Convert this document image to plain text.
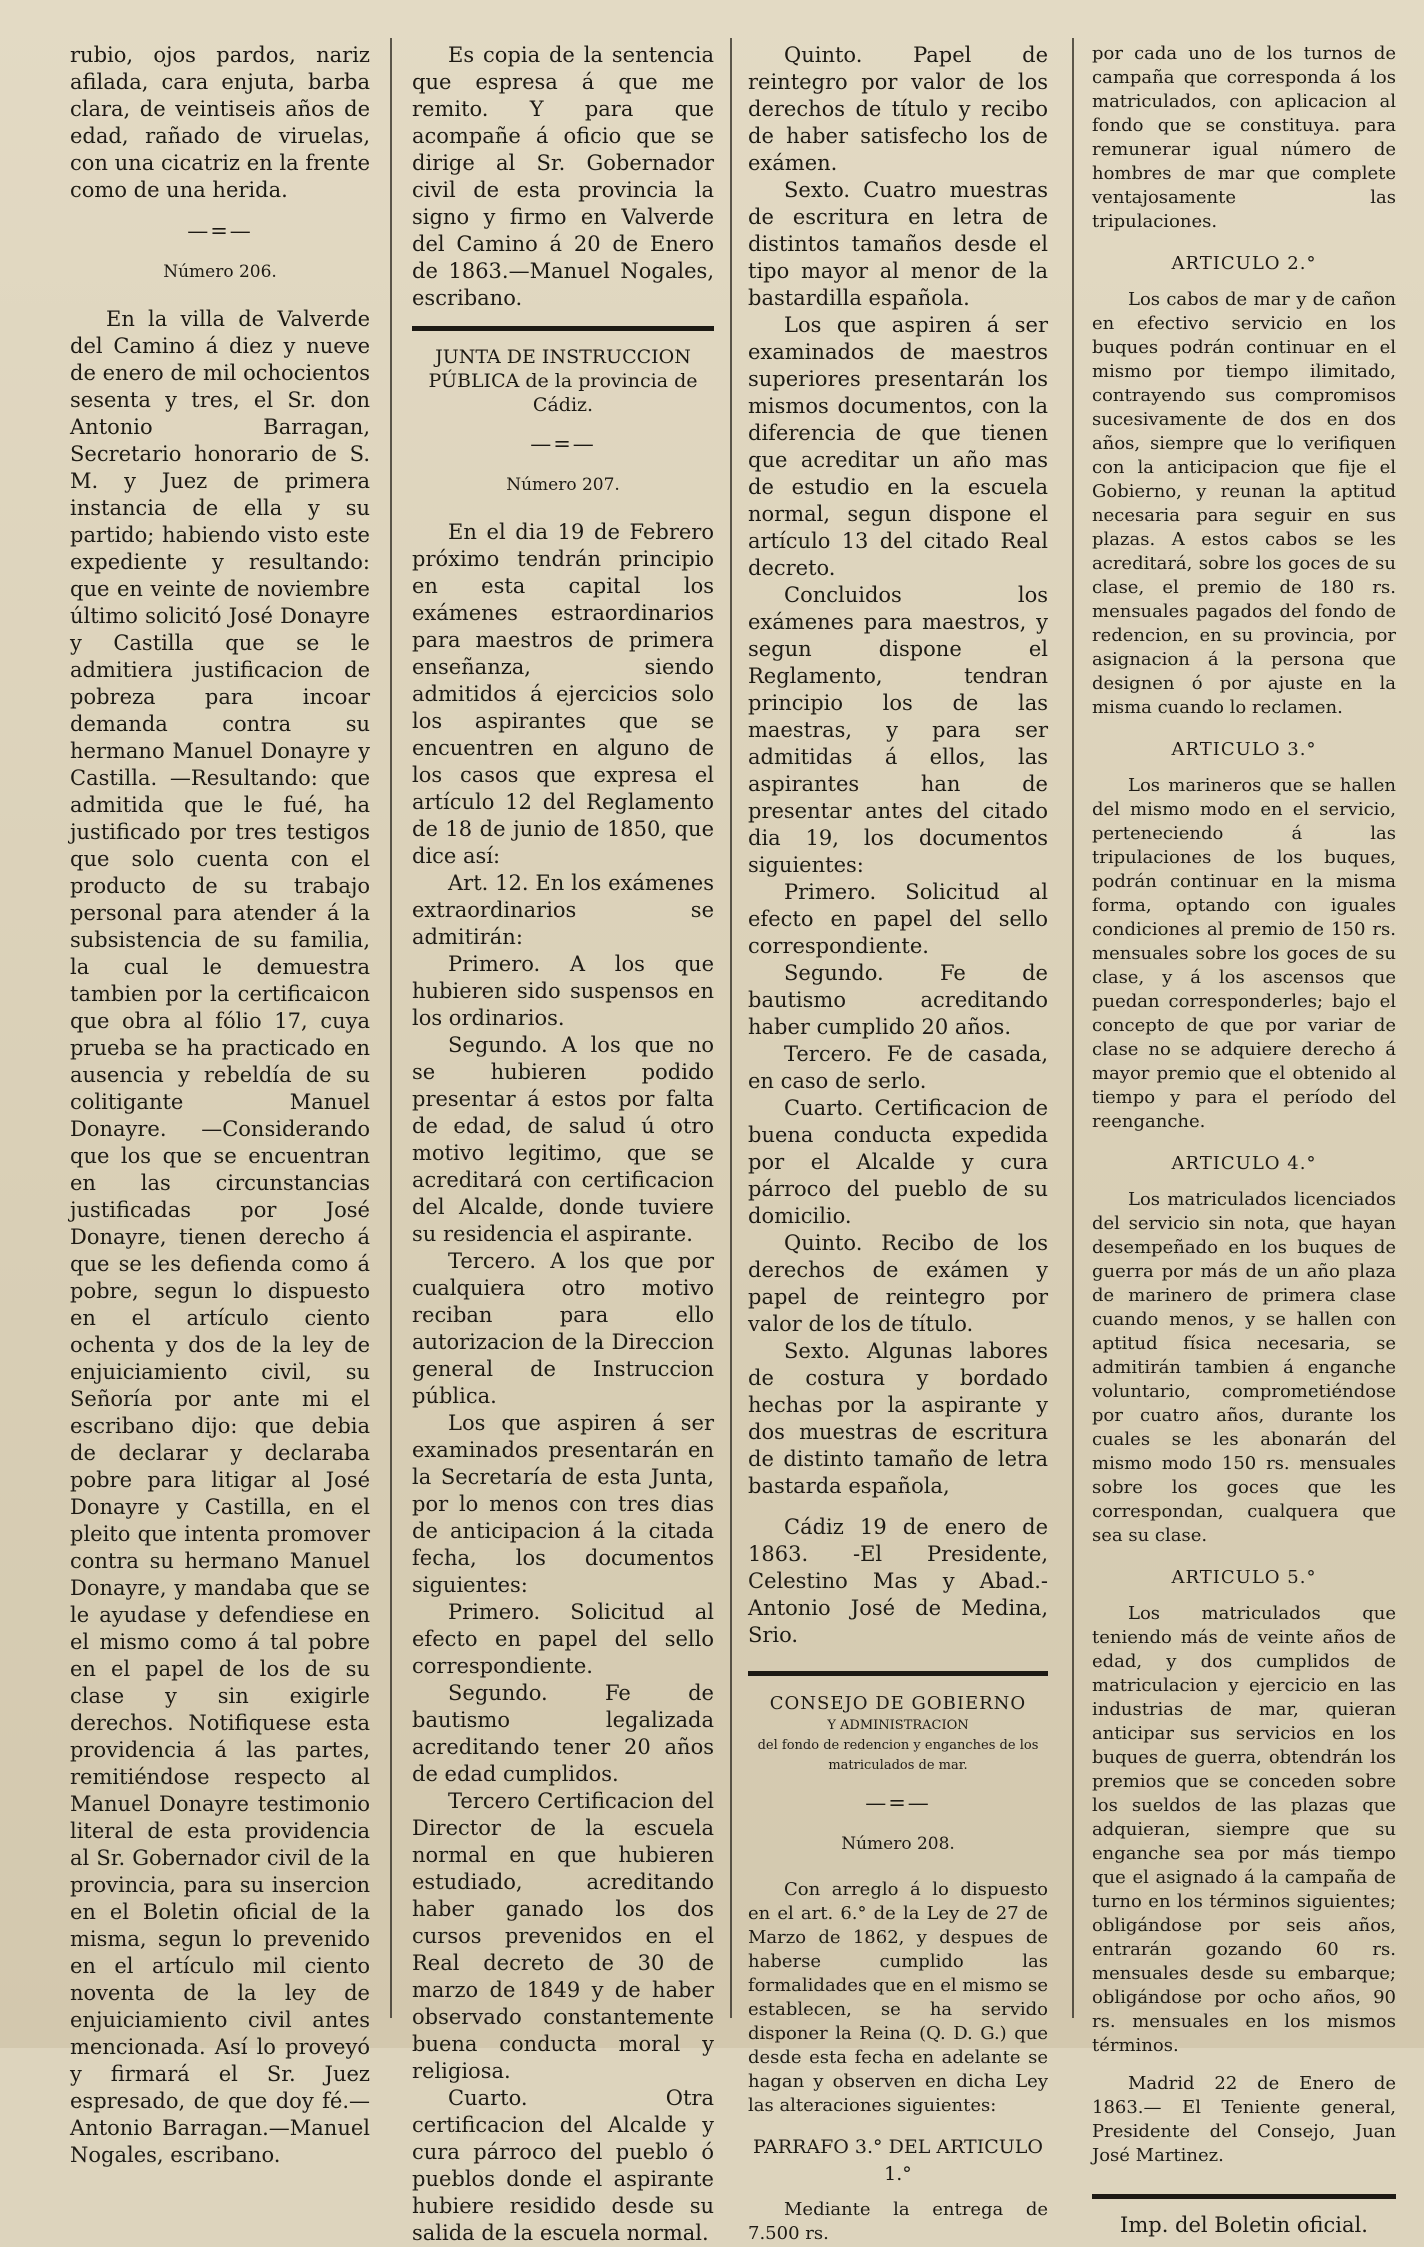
rubio, ojos pardos, nariz afilada, cara enjuta, barba clara, de veintiseis años de edad, rañado de viruelas, con una cicatriz en la frente como de una herida.

—=—
Número 206.

En la villa de Valverde del Camino á diez y nueve de enero de mil ochocientos sesenta y tres, el Sr. don Antonio Barragan, Secretario honorario de S. M. y Juez de primera instancia de ella y su partido; habiendo visto este expediente y resultando: que en veinte de noviembre último solicitó José Donayre y Castilla que se le admitiera justificacion de pobreza para incoar demanda contra su hermano Manuel Donayre y Castilla. —Resultando: que admitida que le fué, ha justificado por tres testigos que solo cuenta con el producto de su trabajo personal para atender á la subsistencia de su familia, la cual le demuestra tambien por la certificaicon que obra al fólio 17, cuya prueba se ha practicado en ausencia y rebeldía de su colitigante Manuel Donayre. —Considerando que los que se encuentran en las circunstancias justificadas por José Donayre, tienen derecho á que se les defienda como á pobre, segun lo dispuesto en el artículo ciento ochenta y dos de la ley de enjuiciamiento civil, su Señoría por ante mi el escribano dijo: que debia de declarar y declaraba pobre para litigar al José Donayre y Castilla, en el pleito que intenta promover contra su hermano Manuel Donayre, y mandaba que se le ayudase y defendiese en el mismo como á tal pobre en el papel de los de su clase y sin exigirle derechos. Notifiquese esta providencia á las partes, remitiéndose respecto al Manuel Donayre testimonio literal de esta providencia al Sr. Gobernador civil de la provincia, para su insercion en el Boletin oficial de la misma, segun lo prevenido en el artículo mil ciento noventa de la ley de enjuiciamiento civil antes mencionada. Así lo proveyó y firmará el Sr. Juez espresado, de que doy fé.—Antonio Barragan.—Manuel Nogales, escribano.

Es copia de la sentencia que espresa á que me remito. Y para que acompañe á oficio que se dirige al Sr. Gobernador civil de esta provincia la signo y firmo en Valverde del Camino á 20 de Enero de 1863.—Manuel Nogales, escribano.

JUNTA DE INSTRUCCION PÚBLICA de la provincia de Cádiz.
—=—
Número 207.

En el dia 19 de Febrero próximo tendrán principio en esta capital los exámenes estraordinarios para maestros de primera enseñanza, siendo admitidos á ejercicios solo los aspirantes que se encuentren en alguno de los casos que expresa el artículo 12 del Reglamento de 18 de junio de 1850, que dice así:

Art. 12. En los exámenes extraordinarios se admitirán:

Primero. A los que hubieren sido suspensos en los ordinarios.

Segundo. A los que no se hubieren podido presentar á estos por falta de edad, de salud ú otro motivo legitimo, que se acreditará con certificacion del Alcalde, donde tuviere su residencia el aspirante.

Tercero. A los que por cualquiera otro motivo reciban para ello autorizacion de la Direccion general de Instruccion pública.

Los que aspiren á ser examinados presentarán en la Secretaría de esta Junta, por lo menos con tres dias de anticipacion á la citada fecha, los documentos siguientes:

Primero. Solicitud al efecto en papel del sello correspondiente.

Segundo. Fe de bautismo legalizada acreditando tener 20 años de edad cumplidos.

Tercero Certificacion del Director de la escuela normal en que hubieren estudiado, acreditando haber ganado los dos cursos prevenidos en el Real decreto de 30 de marzo de 1849 y de haber observado constantemente buena conducta moral y religiosa.

Cuarto. Otra certificacion del Alcalde y cura párroco del pueblo ó pueblos donde el aspirante hubiere residido desde su salida de la escuela normal.

Quinto. Papel de reintegro por valor de los derechos de título y recibo de haber satisfecho los de exámen.

Sexto. Cuatro muestras de escritura en letra de distintos tamaños desde el tipo mayor al menor de la bastardilla española.

Los que aspiren á ser examinados de maestros superiores presentarán los mismos documentos, con la diferencia de que tienen que acreditar un año mas de estudio en la escuela normal, segun dispone el artículo 13 del citado Real decreto.

Concluidos los exámenes para maestros, y segun dispone el Reglamento, tendran principio los de las maestras, y para ser admitidas á ellos, las aspirantes han de presentar antes del citado dia 19, los documentos siguientes:

Primero. Solicitud al efecto en papel del sello correspondiente.

Segundo. Fe de bautismo acreditando haber cumplido 20 años.

Tercero. Fe de casada, en caso de serlo.

Cuarto. Certificacion de buena conducta expedida por el Alcalde y cura párroco del pueblo de su domicilio.

Quinto. Recibo de los derechos de exámen y papel de reintegro por valor de los de título.

Sexto. Algunas labores de costura y bordado hechas por la aspirante y dos muestras de escritura de distinto tamaño de letra bastarda española,

Cádiz 19 de enero de 1863. -El Presidente, Celestino Mas y Abad.-Antonio José de Medina, Srio.

CONSEJO DE GOBIERNO
Y ADMINISTRACION
del fondo de redencion y enganches de los matriculados de mar.
—=—
Número 208.

Con arreglo á lo dispuesto en el art. 6.° de la Ley de 27 de Marzo de 1862, y despues de haberse cumplido las formalidades que en el mismo se establecen, se ha servido disponer la Reina (Q. D. G.) que desde esta fecha en adelante se hagan y observen en dicha Ley las alteraciones siguientes:

PARRAFO 3.° DEL ARTICULO 1.°

Mediante la entrega de 7.500 rs.

por cada uno de los turnos de campaña que corresponda á los matriculados, con aplicacion al fondo que se constituya. para remunerar igual número de hombres de mar que complete ventajosamente las tripulaciones.

ARTICULO 2.°

Los cabos de mar y de cañon en efectivo servicio en los buques podrán continuar en el mismo por tiempo ilimitado, contrayendo sus compromisos sucesivamente de dos en dos años, siempre que lo verifiquen con la anticipacion que fije el Gobierno, y reunan la aptitud necesaria para seguir en sus plazas. A estos cabos se les acreditará, sobre los goces de su clase, el premio de 180 rs. mensuales pagados del fondo de redencion, en su provincia, por asignacion á la persona que designen ó por ajuste en la misma cuando lo reclamen.

ARTICULO 3.°

Los marineros que se hallen del mismo modo en el servicio, perteneciendo á las tripulaciones de los buques, podrán continuar en la misma forma, optando con iguales condiciones al premio de 150 rs. mensuales sobre los goces de su clase, y á los ascensos que puedan corresponderles; bajo el concepto de que por variar de clase no se adquiere derecho á mayor premio que el obtenido al tiempo y para el período del reenganche.

ARTICULO 4.°

Los matriculados licenciados del servicio sin nota, que hayan desempeñado en los buques de guerra por más de un año plaza de marinero de primera clase cuando menos, y se hallen con aptitud física necesaria, se admitirán tambien á enganche voluntario, comprometiéndose por cuatro años, durante los cuales se les abonarán del mismo modo 150 rs. mensuales sobre los goces que les correspondan, cualquera que sea su clase.

ARTICULO 5.°

Los matriculados que teniendo más de veinte años de edad, y dos cumplidos de matriculacion y ejercicio en las industrias de mar, quieran anticipar sus servicios en los buques de guerra, obtendrán los premios que se conceden sobre los sueldos de las plazas que adquieran, siempre que su enganche sea por más tiempo que el asignado á la campaña de turno en los términos siguientes; obligándose por seis años, entrarán gozando 60 rs. mensuales desde su embarque; obligándose por ocho años, 90 rs. mensuales en los mismos términos.

Madrid 22 de Enero de 1863.— El Teniente general, Presidente del Consejo, Juan José Martinez.

Imp. del Boletin oficial.
